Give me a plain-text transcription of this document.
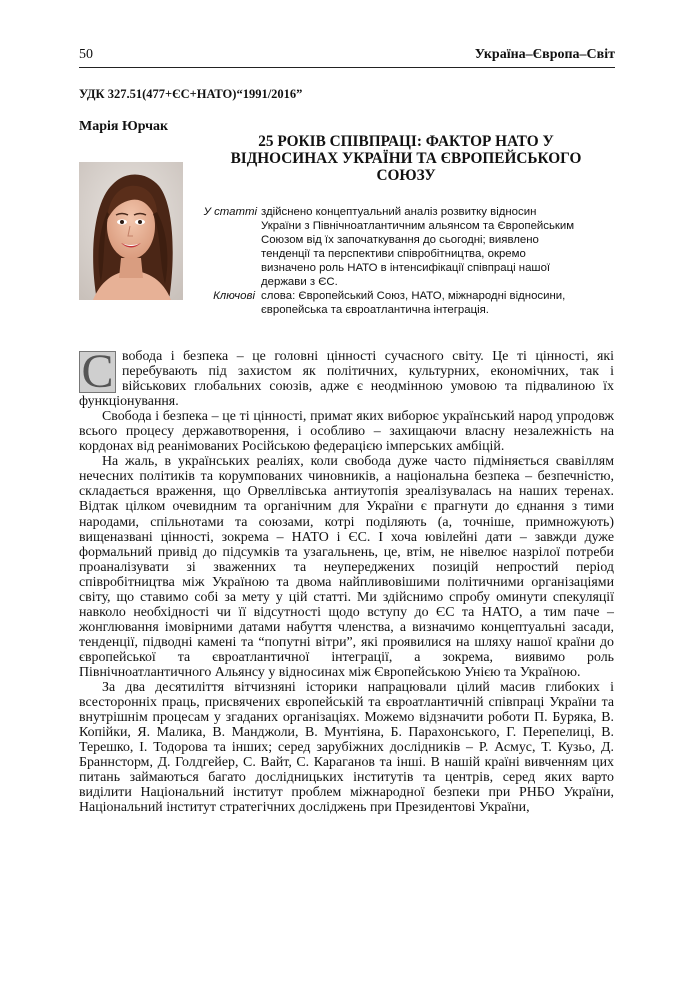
50	Україна–Європа–Світ
УДК 327.51(477+ЄС+НАТО)“1991/2016”
Марія Юрчак
25 РОКІВ СПІВПРАЦІ: ФАКТОР НАТО У
ВІДНОСИНАХ УКРАЇНИ ТА ЄВРОПЕЙСЬКОГО
СОЮЗУ
У статті здійснено концептуальний аналіз розвитку відносин
України з Північноатлантичним альянсом та Європейським
Союзом від їх започаткування до сьогодні; виявлено
тенденції та перспективи співробітництва, окремо
визначено роль НАТО в інтенсифікації співпраці нашої
держави з ЄС.
Ключові слова: Європейський Союз, НАТО, міжнародні відносини,
європейська та євроатлантична інтеграція.

С вобода і безпека – це головні цінності сучасного світу. Це ті цінності, які перебувають під захистом як політичних, культурних, економічних, так і військових глобальних союзів, адже є неодмінною умовою та підвалиною їх функціонування.

Свобода і безпека – це ті цінності, примат яких виборює український народ упродовж всього процесу державотворення, і особливо – захищаючи власну незалежність на кордонах від реанімованих Російською федерацією імперських амбіцій.

На жаль, в українських реаліях, коли свобода дуже часто підміняється свавіллям нечесних політиків та корумпованих чиновників, а національна безпека – безпечністю, складається враження, що Орвеллівська антиутопія зреалізувалась на наших теренах. Відтак цілком очевидним та органічним для України є прагнути до єднання з тими народами, спільнотами та союзами, котрі поділяють (а, точніше, примножують) вищеназвані цінності, зокрема – НАТО і ЄС. І хоча ювілейні дати – завжди дуже формальний привід до підсумків та узагальнень, це, втім, не нівелює назрілої потреби проаналізувати зі зваженних та неупереджених позицій непростий період співробітництва між Україною та двома найпливовішими політичними організаціями світу, що ставимо собі за мету у цій статті. Ми здійснимо спробу оминути спекуляції навколо необхідності чи її відсутності щодо вступу до ЄС та НАТО, а тим паче – жонглювання імовірними датами набуття членства, а визначимо концептуальні засади, тенденції, підводні камені та “попутні вітри”, які проявилися на шляху нашої країни до європейської та євроатлантичної інтеграції, а зокрема, виявимо роль Північноатлантичного Альянсу у відносинах між Європейською Унією та Україною.

За два десятиліття вітчизняні історики напрацювали цілий масив глибоких і всесторонніх праць, присвячених європейській та євроатлантичній співпраці України та внутрішнім процесам у згаданих організаціях. Можемо відзначити роботи П. Буряка, В. Копійки, Я. Малика, В. Манджоли, В. Мунтіяна, Б. Парахонського, Г. Перепелиці, В. Терешко, І. Тодорова та інших; серед зарубіжних дослідників – Р. Асмус, Т. Кузьо, Д. Браннсторм, Д. Голдгейер, С. Вайт, С. Караганов та інші. В нашій країні вивченням цих питань займаються багато дослідницьких інститутів та центрів, серед яких варто виділити Національний інститут проблем міжнародної безпеки при РНБО України, Національний інститут стратегічних досліджень при Президентові України,
